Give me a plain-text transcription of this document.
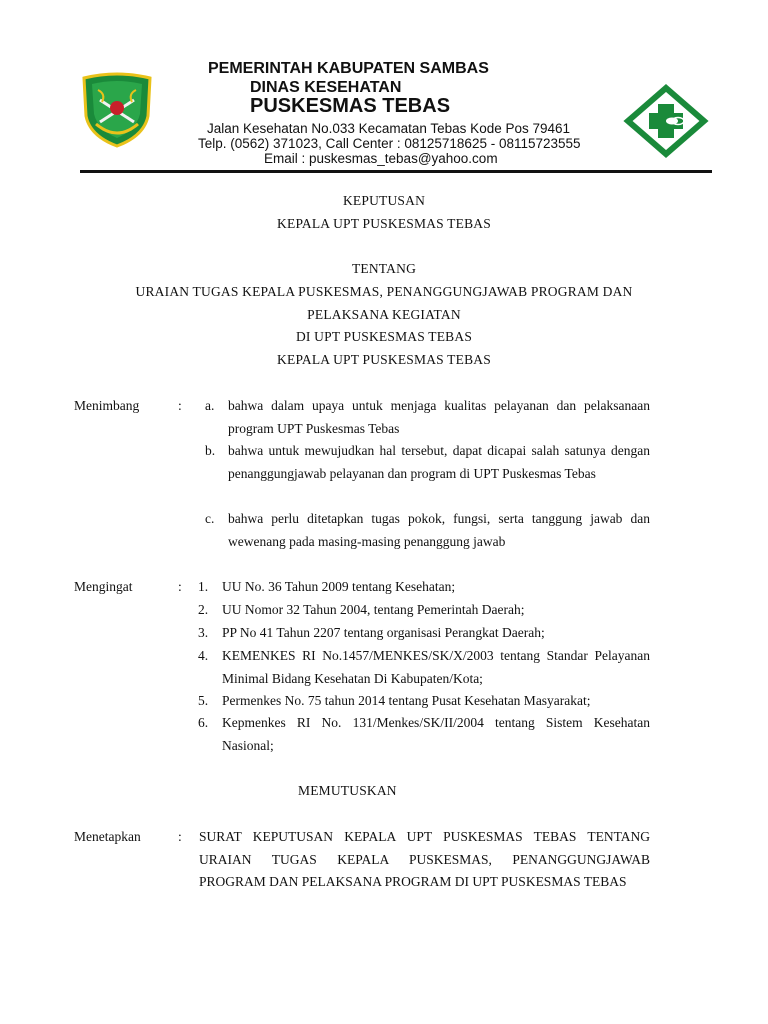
PEMERINTAH KABUPATEN SAMBAS
DINAS KESEHATAN
PUSKESMAS TEBAS
Jalan Kesehatan No.033 Kecamatan Tebas Kode Pos 79461
Telp. (0562) 371023, Call Center : 08125718625 - 08115723555
Email : puskesmas_tebas@yahoo.com
KEPUTUSAN
KEPALA UPT PUSKESMAS TEBAS
TENTANG
URAIAN TUGAS KEPALA PUSKESMAS, PENANGGUNGJAWAB PROGRAM DAN
PELAKSANA KEGIATAN
DI UPT PUSKESMAS TEBAS
KEPALA UPT PUSKESMAS TEBAS
Menimbang	: a. bahwa dalam upaya untuk menjaga kualitas pelayanan dan pelaksanaan program UPT Puskesmas Tebas
b. bahwa untuk mewujudkan hal tersebut, dapat dicapai salah satunya dengan penanggungjawab pelayanan dan program di UPT Puskesmas Tebas
c. bahwa perlu ditetapkan tugas pokok, fungsi, serta tanggung jawab dan wewenang pada masing-masing penanggung jawab
Mengingat	: 1. UU No. 36 Tahun 2009 tentang Kesehatan;
2. UU Nomor 32 Tahun 2004, tentang Pemerintah Daerah;
3. PP No 41 Tahun 2207 tentang organisasi Perangkat Daerah;
4. KEMENKES RI No.1457/MENKES/SK/X/2003 tentang Standar Pelayanan Minimal Bidang Kesehatan Di Kabupaten/Kota;
5. Permenkes No. 75 tahun 2014 tentang Pusat Kesehatan Masyarakat;
6. Kepmenkes RI No. 131/Menkes/SK/II/2004 tentang Sistem Kesehatan Nasional;
MEMUTUSKAN
Menetapkan	: SURAT KEPUTUSAN KEPALA UPT PUSKESMAS TEBAS TENTANG URAIAN TUGAS KEPALA PUSKESMAS, PENANGGUNGJAWAB PROGRAM DAN PELAKSANA PROGRAM DI UPT PUSKESMAS TEBAS
